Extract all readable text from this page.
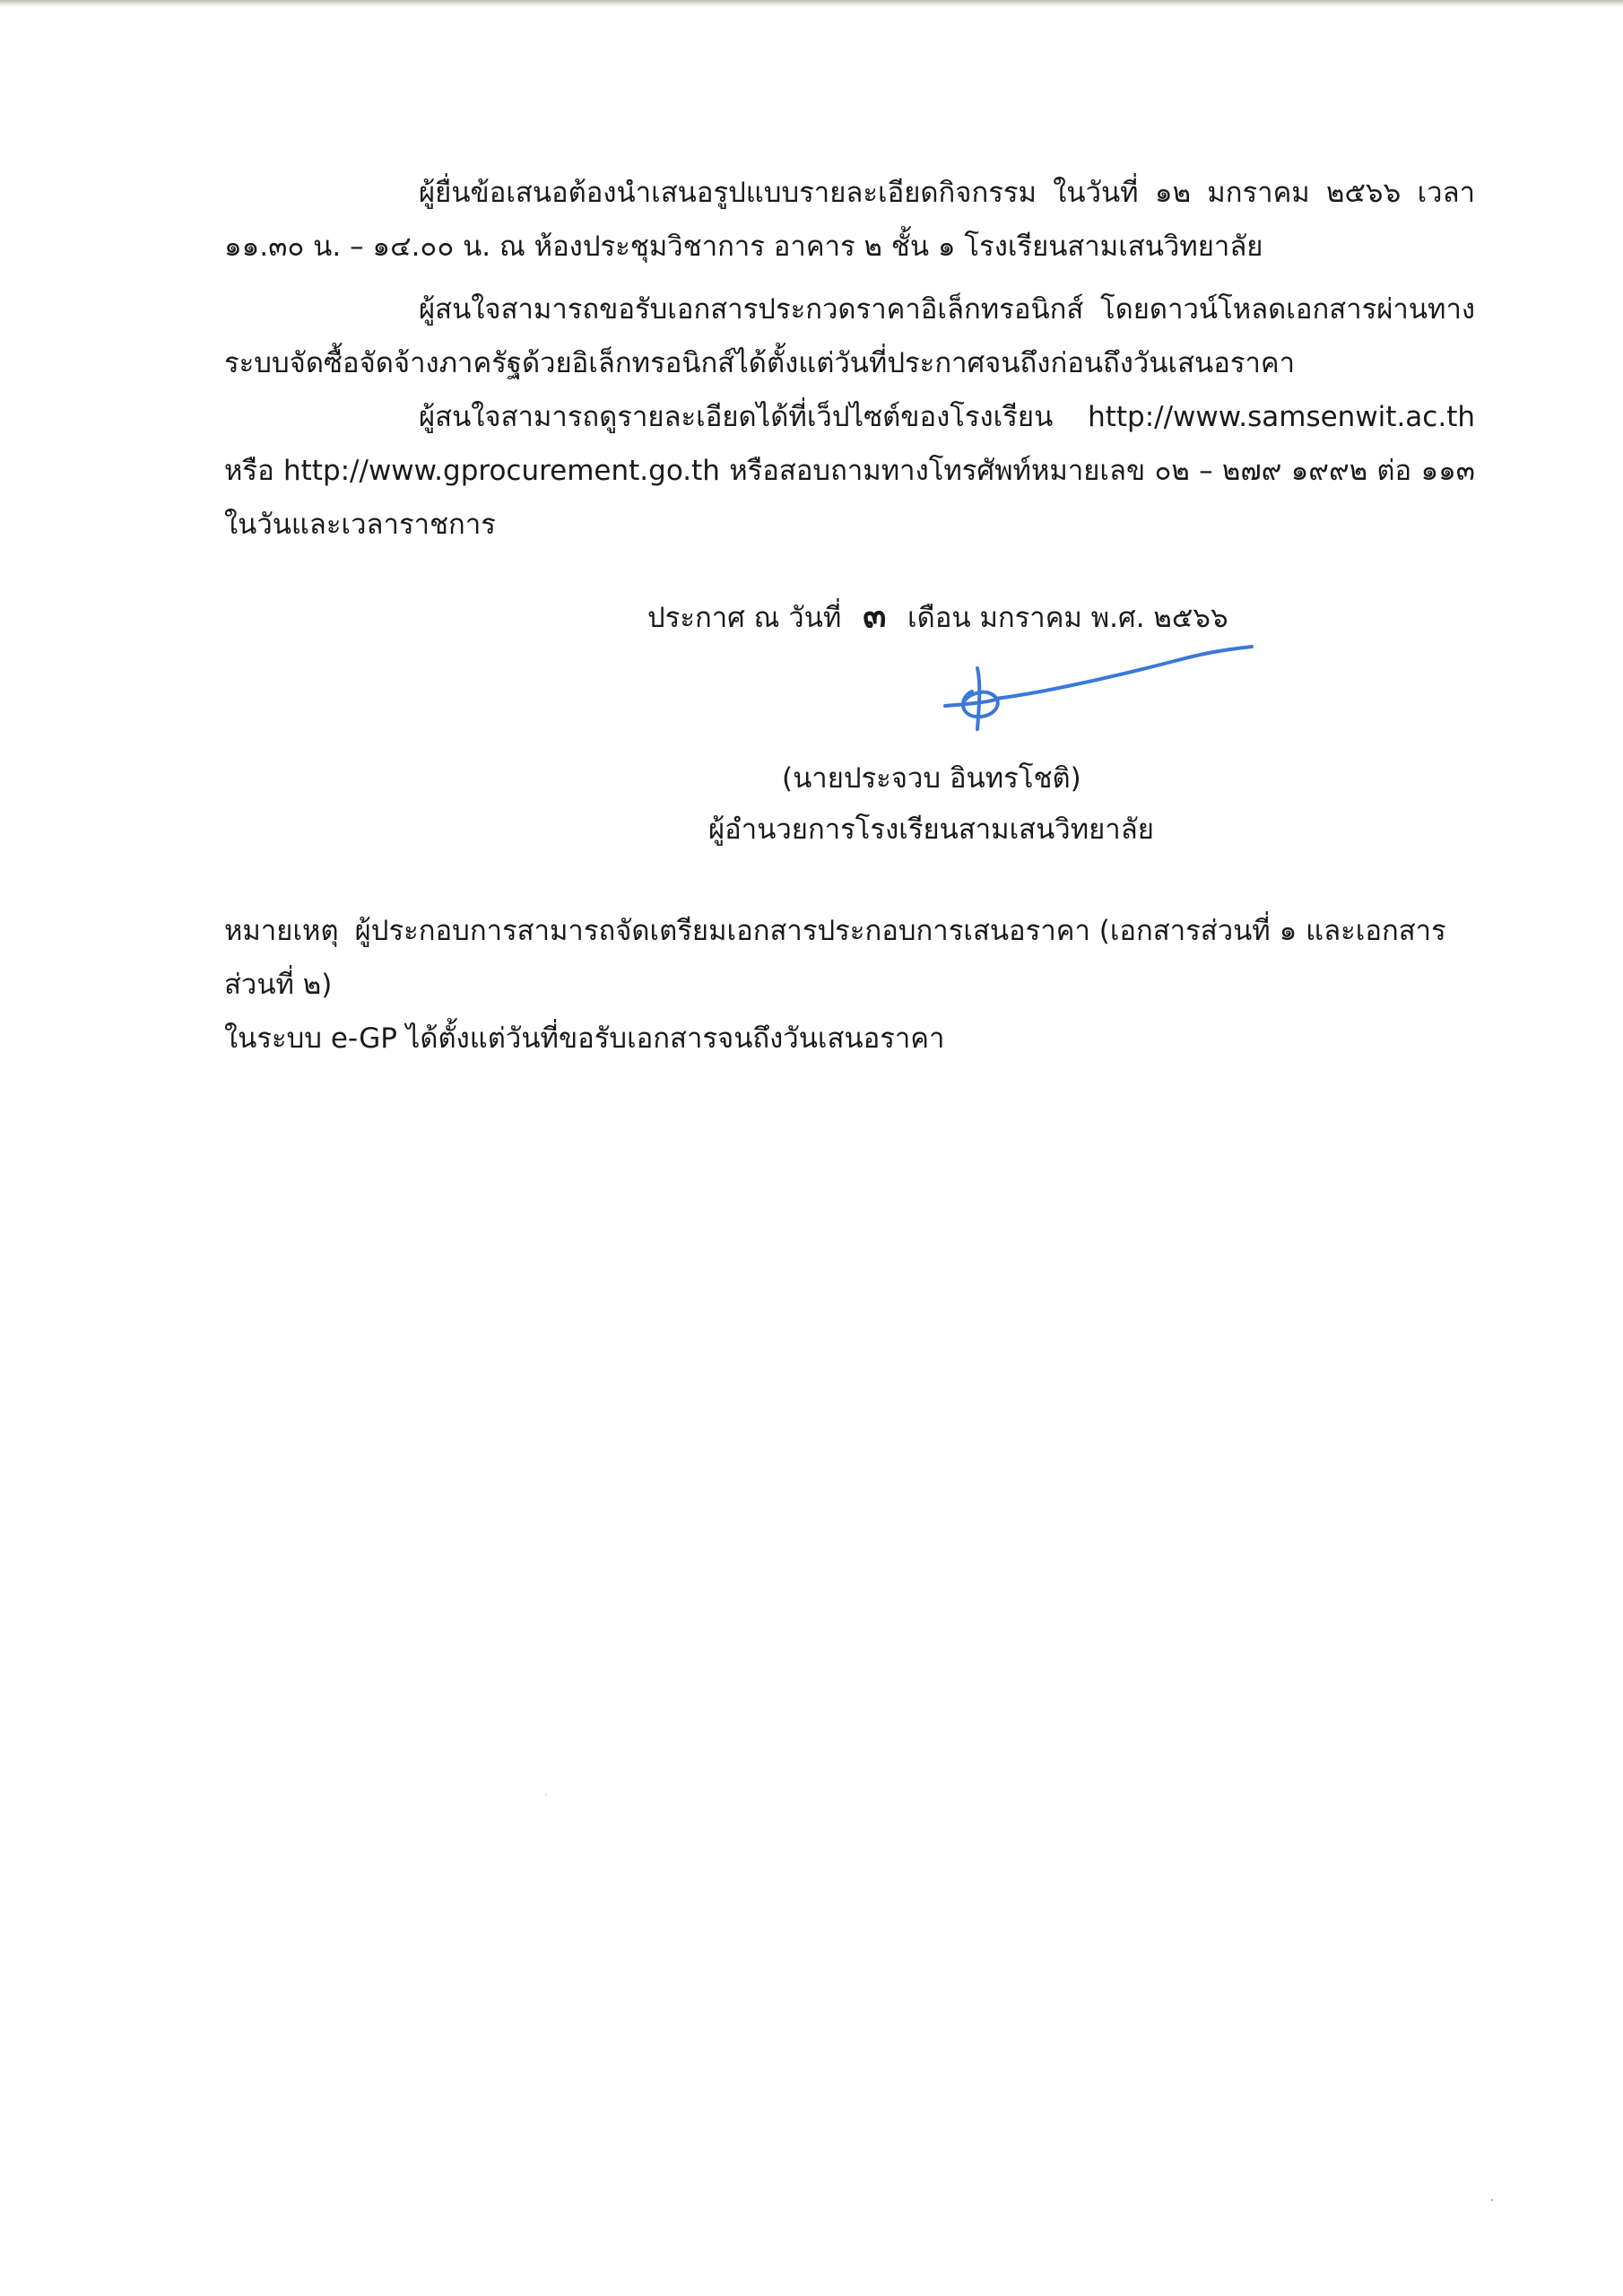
ผู้ยื่นข้อเสนอต้องนำเสนอรูปแบบรายละเอียดกิจกรรม ในวันที่ ๑๒ มกราคม ๒๕๖๖ เวลา ๑๑.๓๐ น. – ๑๔.๐๐ น. ณ ห้องประชุมวิชาการ อาคาร ๒ ชั้น ๑ โรงเรียนสามเสนวิทยาลัย

ผู้สนใจสามารถขอรับเอกสารประกวดราคาอิเล็กทรอนิกส์ โดยดาวน์โหลดเอกสารผ่านทางระบบจัดซื้อจัดจ้างภาครัฐด้วยอิเล็กทรอนิกส์ได้ตั้งแต่วันที่ประกาศจนถึงก่อนถึงวันเสนอราคา

ผู้สนใจสามารถดูรายละเอียดได้ที่เว็ปไซต์ของโรงเรียน http://www.samsenwit.ac.th หรือ http://www.gprocurement.go.th หรือสอบถามทางโทรศัพท์หมายเลข ๐๒ – ๒๗๙ ๑๙๙๒ ต่อ ๑๑๓ ในวันและเวลาราชการ

ประกาศ ณ วันที่ ๓ เดือน มกราคม พ.ศ. ๒๕๖๖
(นายประจวบ อินทรโชติ)
ผู้อำนวยการโรงเรียนสามเสนวิทยาลัย

หมายเหตุ ผู้ประกอบการสามารถจัดเตรียมเอกสารประกอบการเสนอราคา (เอกสารส่วนที่ ๑ และเอกสารส่วนที่ ๒)

ในระบบ e-GP ได้ตั้งแต่วันที่ขอรับเอกสารจนถึงวันเสนอราคา
